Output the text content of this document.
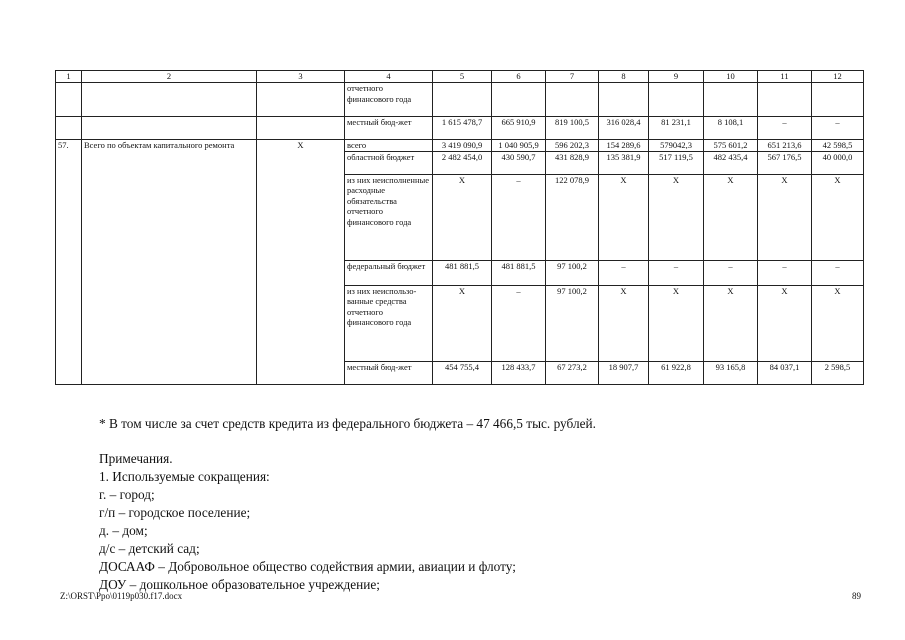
1	2	3	4	5	6	7	8	9	10	11	12
			отчетного финансового года								
			местный бюд-жет	1 615 478,7	665 910,9	819 100,5	316 028,4	81 231,1	8 108,1	–	–
57.	Всего по объектам капитального ремонта	Х	всего	3 419 090,9	1 040 905,9	596 202,3	154 289,6	579042,3	575 601,2	651 213,6	42 598,5
			областной бюджет	2 482 454,0	430 590,7	431 828,9	135 381,9	517 119,5	482 435,4	567 176,5	40 000,0
			из них неисполненные расходные обязательства отчетного финансового года	Х	–	122 078,9	Х	Х	Х	Х	Х
			федеральный бюджет	481 881,5	481 881,5	97 100,2	–	–	–	–	–
			из них неиспользо-ванные средства отчетного финансового года	Х	–	97 100,2	Х	Х	Х	Х	Х
			местный бюд-жет	454 755,4	128 433,7	67 273,2	18 907,7	61 922,8	93 165,8	84 037,1	2 598,5
* В том числе за счет средств кредита из федерального бюджета – 47 466,5 тыс. рублей.
Примечания.
1. Используемые сокращения:
г. – город;
г/п – городское поселение;
д. – дом;
д/с – детский сад;
ДОСААФ – Добровольное общество содействия армии, авиации и флоту;
ДОУ – дошкольное образовательное учреждение;
Z:\ORST\Ppo\0119p030.f17.docx	89
